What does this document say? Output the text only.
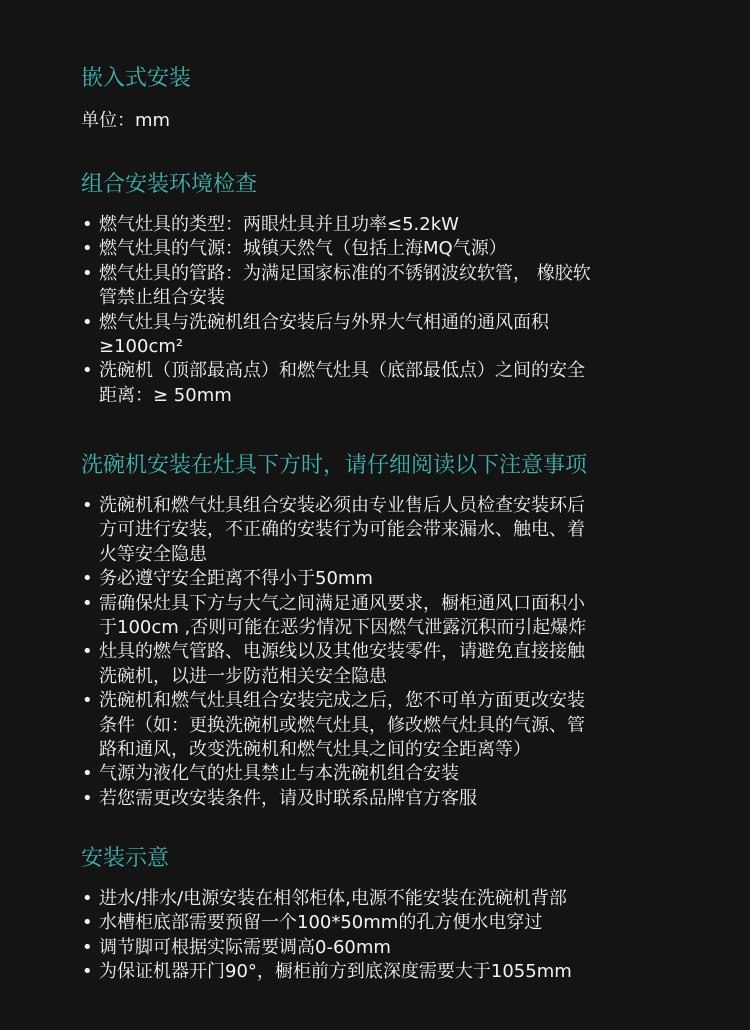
嵌入式安装

单位：mm

组合安装环境检查
• 燃气灶具的类型：两眼灶具并且功率≤5.2kW
• 燃气灶具的气源：城镇天然气（包括上海MQ气源）
• 燃气灶具的管路：为满足国家标准的不锈钢波纹软管， 橡胶软
管禁止组合安装
• 燃气灶具与洗碗机组合安装后与外界大气相通的通风面积
≥100cm²
• 洗碗机（顶部最高点）和燃气灶具（底部最低点）之间的安全
距离：≥ 50mm
洗碗机安装在灶具下方时，请仔细阅读以下注意事项
• 洗碗机和燃气灶具组合安装必须由专业售后人员检查安装环后
方可进行安装，不正确的安装行为可能会带来漏水、触电、着
火等安全隐患
• 务必遵守安全距离不得小于50mm
• 需确保灶具下方与大气之间满足通风要求，橱柜通风口面积小
于100cm ,否则可能在恶劣情况下因燃气泄露沉积而引起爆炸
• 灶具的燃气管路、电源线以及其他安装零件，请避免直接接触
洗碗机，以进一步防范相关安全隐患
• 洗碗机和燃气灶具组合安装完成之后，您不可单方面更改安装
条件（如：更换洗碗机或燃气灶具，修改燃气灶具的气源、管
路和通风，改变洗碗机和燃气灶具之间的安全距离等）
• 气源为液化气的灶具禁止与本洗碗机组合安装
• 若您需更改安装条件，请及时联系品牌官方客服
安装示意
• 进水/排水/电源安装在相邻柜体,电源不能安装在洗碗机背部
• 水槽柜底部需要预留一个100*50mm的孔方便水电穿过
• 调节脚可根据实际需要调高0-60mm
• 为保证机器开门90°，橱柜前方到底深度需要大于1055mm
